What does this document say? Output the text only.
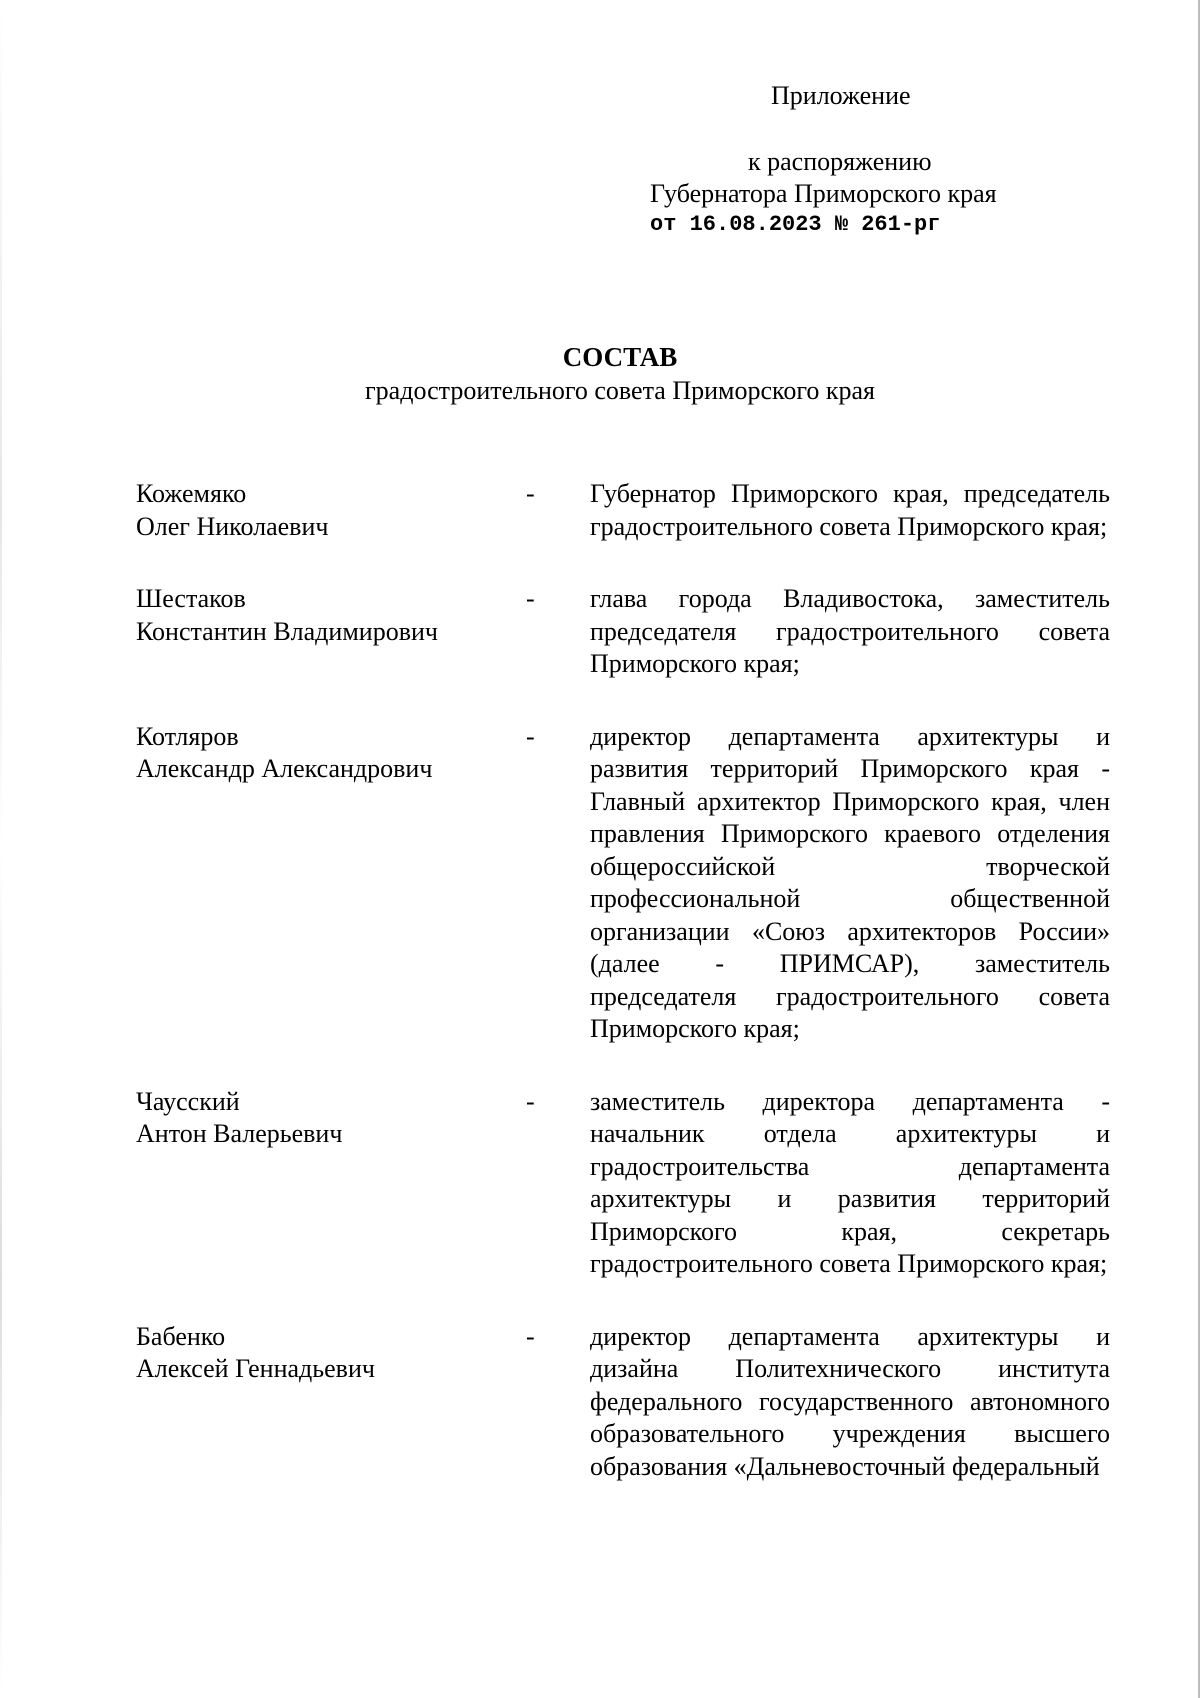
Приложение

к распоряжению
Губернатора Приморского края
от 16.08.2023 № 261-рг

СОСТАВ

градостроительного совета Приморского края

Кожемяко
Олег Николаевич
-	Губернатор Приморского края, председатель градостроительного совета Приморского края;
Шестаков
Константин Владимирович
-	глава города Владивостока, заместитель председателя градостроительного совета Приморского края;
Котляров
Александр Александрович
-	директор департамента архитектуры и развития территорий Приморского края - Главный архитектор Приморского края, член правления Приморского краевого отделения общероссийской творческой профессиональной общественной организации «Союз архитекторов России» (далее - ПРИМСАР), заместитель председателя градостроительного совета Приморского края;
Чаусский
Антон Валерьевич
-	заместитель директора департамента - начальник отдела архитектуры и градостроительства департамента архитектуры и развития территорий Приморского края, секретарь градостроительного совета Приморского края;
Бабенко
Алексей Геннадьевич
-	директор департамента архитектуры и дизайна Политехнического института федерального государственного автономного образовательного учреждения высшего образования «Дальневосточный федеральный
